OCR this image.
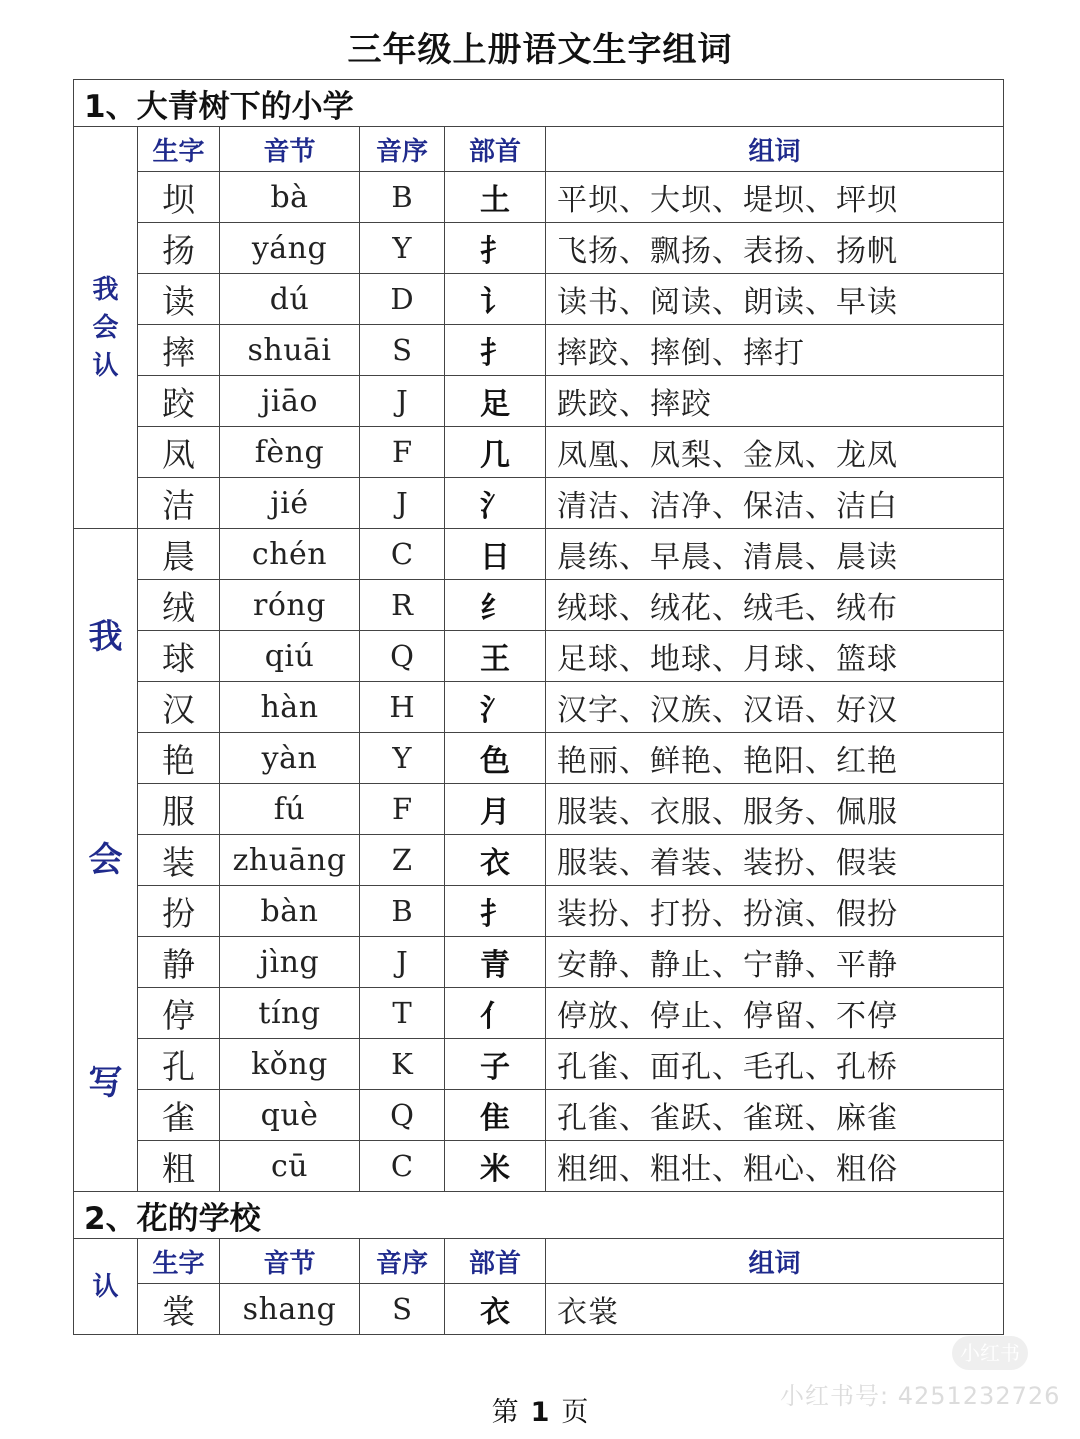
三年级上册语文生字组词
1、大青树下的小学					

我
会
认	生字	音节	音序	部首	组词
	坝	bà	B	土	平坝、大坝、堤坝、坪坝
	扬	yáng	Y	扌	飞扬、飘扬、表扬、扬帆
	读	dú	D	讠	读书、阅读、朗读、早读
	摔	shuāi	S	扌	摔跤、摔倒、摔打
	跤	jiāo	J	足	跌跤、摔跤
	凤	fèng	F	几	凤凰、凤梨、金凤、龙凤
	洁	jié	J	氵	清洁、洁净、保洁、洁白

我
会
写	晨	chén	C	日	晨练、早晨、清晨、晨读
	绒	róng	R	纟	绒球、绒花、绒毛、绒布
	球	qiú	Q	王	足球、地球、月球、篮球
	汉	hàn	H	氵	汉字、汉族、汉语、好汉
	艳	yàn	Y	色	艳丽、鲜艳、艳阳、红艳
	服	fú	F	月	服装、衣服、服务、佩服
	装	zhuāng	Z	衣	服装、着装、装扮、假装
	扮	bàn	B	扌	装扮、打扮、扮演、假扮
	静	jìng	J	青	安静、静止、宁静、平静
	停	tíng	T	亻	停放、停止、停留、不停
	孔	kǒng	K	子	孔雀、面孔、毛孔、孔桥
	雀	què	Q	隹	孔雀、雀跃、雀斑、麻雀
	粗	cū	C	米	粗细、粗壮、粗心、粗俗
2、花的学校					
认	生字	音节	音序	部首	组词
	裳	shang	S	衣	衣裳
第 1 页
小红书
小红书号: 4251232726
